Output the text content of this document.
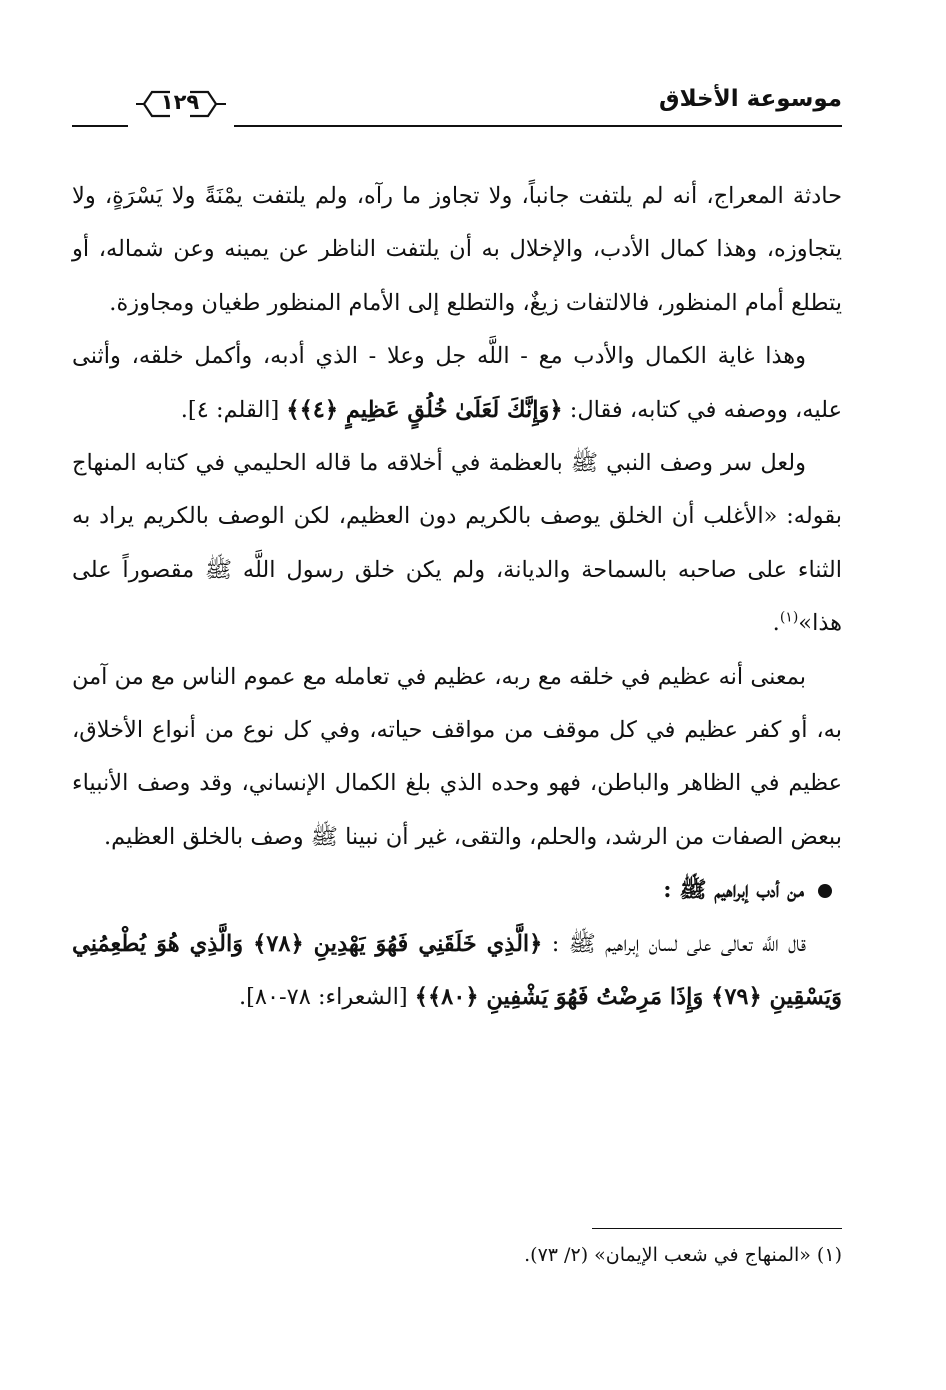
موسوعة الأخلاق
١٢٩

حادثة المعراج، أنه لم يلتفت جانباً، ولا تجاوز ما رآه، ولم يلتفت يمْنَةً ولا يَسْرَةٍ، ولا يتجاوزه، وهذا كمال الأدب، والإخلال به أن يلتفت الناظر عن يمينه وعن شماله، أو يتطلع أمام المنظور، فالالتفات زيغٌ، والتطلع إلى الأمام المنظور طغيان ومجاوزة.

وهذا غاية الكمال والأدب مع - اللَّه جل وعلا - الذي أدبه، وأكمل خلقه، وأثنى عليه، ووصفه في كتابه، فقال: ﴿وَإِنَّكَ لَعَلَىٰ خُلُقٍ عَظِيمٍ ﴿٤﴾﴾ [القلم: ٤].

ولعل سر وصف النبي ﷺ بالعظمة في أخلاقه ما قاله الحليمي في كتابه المنهاج بقوله: «الأغلب أن الخلق يوصف بالكريم دون العظيم، لكن الوصف بالكريم يراد به الثناء على صاحبه بالسماحة والديانة، ولم يكن خلق رسول اللَّه ﷺ مقصوراً على هذا»$^{(١)}$.

بمعنى أنه عظيم في خلقه مع ربه، عظيم في تعامله مع عموم الناس مع من آمن به، أو كفر عظيم في كل موقف من مواقف حياته، وفي كل نوع من أنواع الأخلاق، عظيم في الظاهر والباطن، فهو وحده الذي بلغ الكمال الإنساني، وقد وصف الأنبياء ببعض الصفات من الرشد، والحلم، والتقى، غير أن نبينا ﷺ وصف بالخلق العظيم.

من أدب إبراهيم ﷺ :

قال اللَّه تعالى على لسان إبراهيم ﷺ : ﴿الَّذِي خَلَقَنِي فَهُوَ يَهْدِينِ ﴿٧٨﴾ وَالَّذِي هُوَ يُطْعِمُنِي وَيَسْقِينِ ﴿٧٩﴾ وَإِذَا مَرِضْتُ فَهُوَ يَشْفِينِ ﴿٨٠﴾﴾ [الشعراء: ٧٨-٨٠].

(١) «المنهاج في شعب الإيمان» (٢/ ٧٣).
